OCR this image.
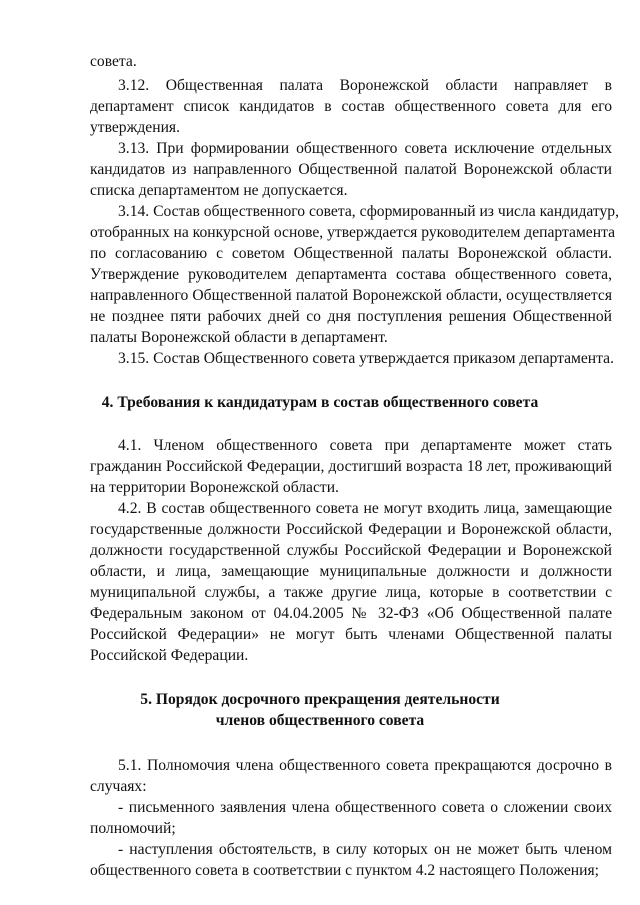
совета.
3.12. Общественная палата Воронежской области направляет в
департамент список кандидатов в состав общественного совета для его
утверждения.
3.13. При формировании общественного совета исключение отдельных
кандидатов из направленного Общественной палатой Воронежской области
списка департаментом не допускается.
3.14. Состав общественного совета, сформированный из числа кандидатур,
отобранных на конкурсной основе, утверждается руководителем департамента
по согласованию с советом Общественной палаты Воронежской области.
Утверждение руководителем департамента состава общественного совета,
направленного Общественной палатой Воронежской области, осуществляется
не позднее пяти рабочих дней со дня поступления решения Общественной
палаты Воронежской области в департамент.
3.15. Состав Общественного совета утверждается приказом департамента.
4. Требования к кандидатурам в состав общественного совета
4.1. Членом общественного совета при департаменте может стать
гражданин Российской Федерации, достигший возраста 18 лет, проживающий
на территории Воронежской области.
4.2. В состав общественного совета не могут входить лица, замещающие
государственные должности Российской Федерации и Воронежской области,
должности государственной службы Российской Федерации и Воронежской
области, и лица, замещающие муниципальные должности и должности
муниципальной службы, а также другие лица, которые в соответствии с
Федеральным законом от 04.04.2005 № 32-ФЗ «Об Общественной палате
Российской Федерации» не могут быть членами Общественной палаты
Российской Федерации.
5. Порядок досрочного прекращения деятельности
членов общественного совета
5.1. Полномочия члена общественного совета прекращаются досрочно в
случаях:
- письменного заявления члена общественного совета о сложении своих
полномочий;
- наступления обстоятельств, в силу которых он не может быть членом
общественного совета в соответствии с пунктом 4.2 настоящего Положения;
